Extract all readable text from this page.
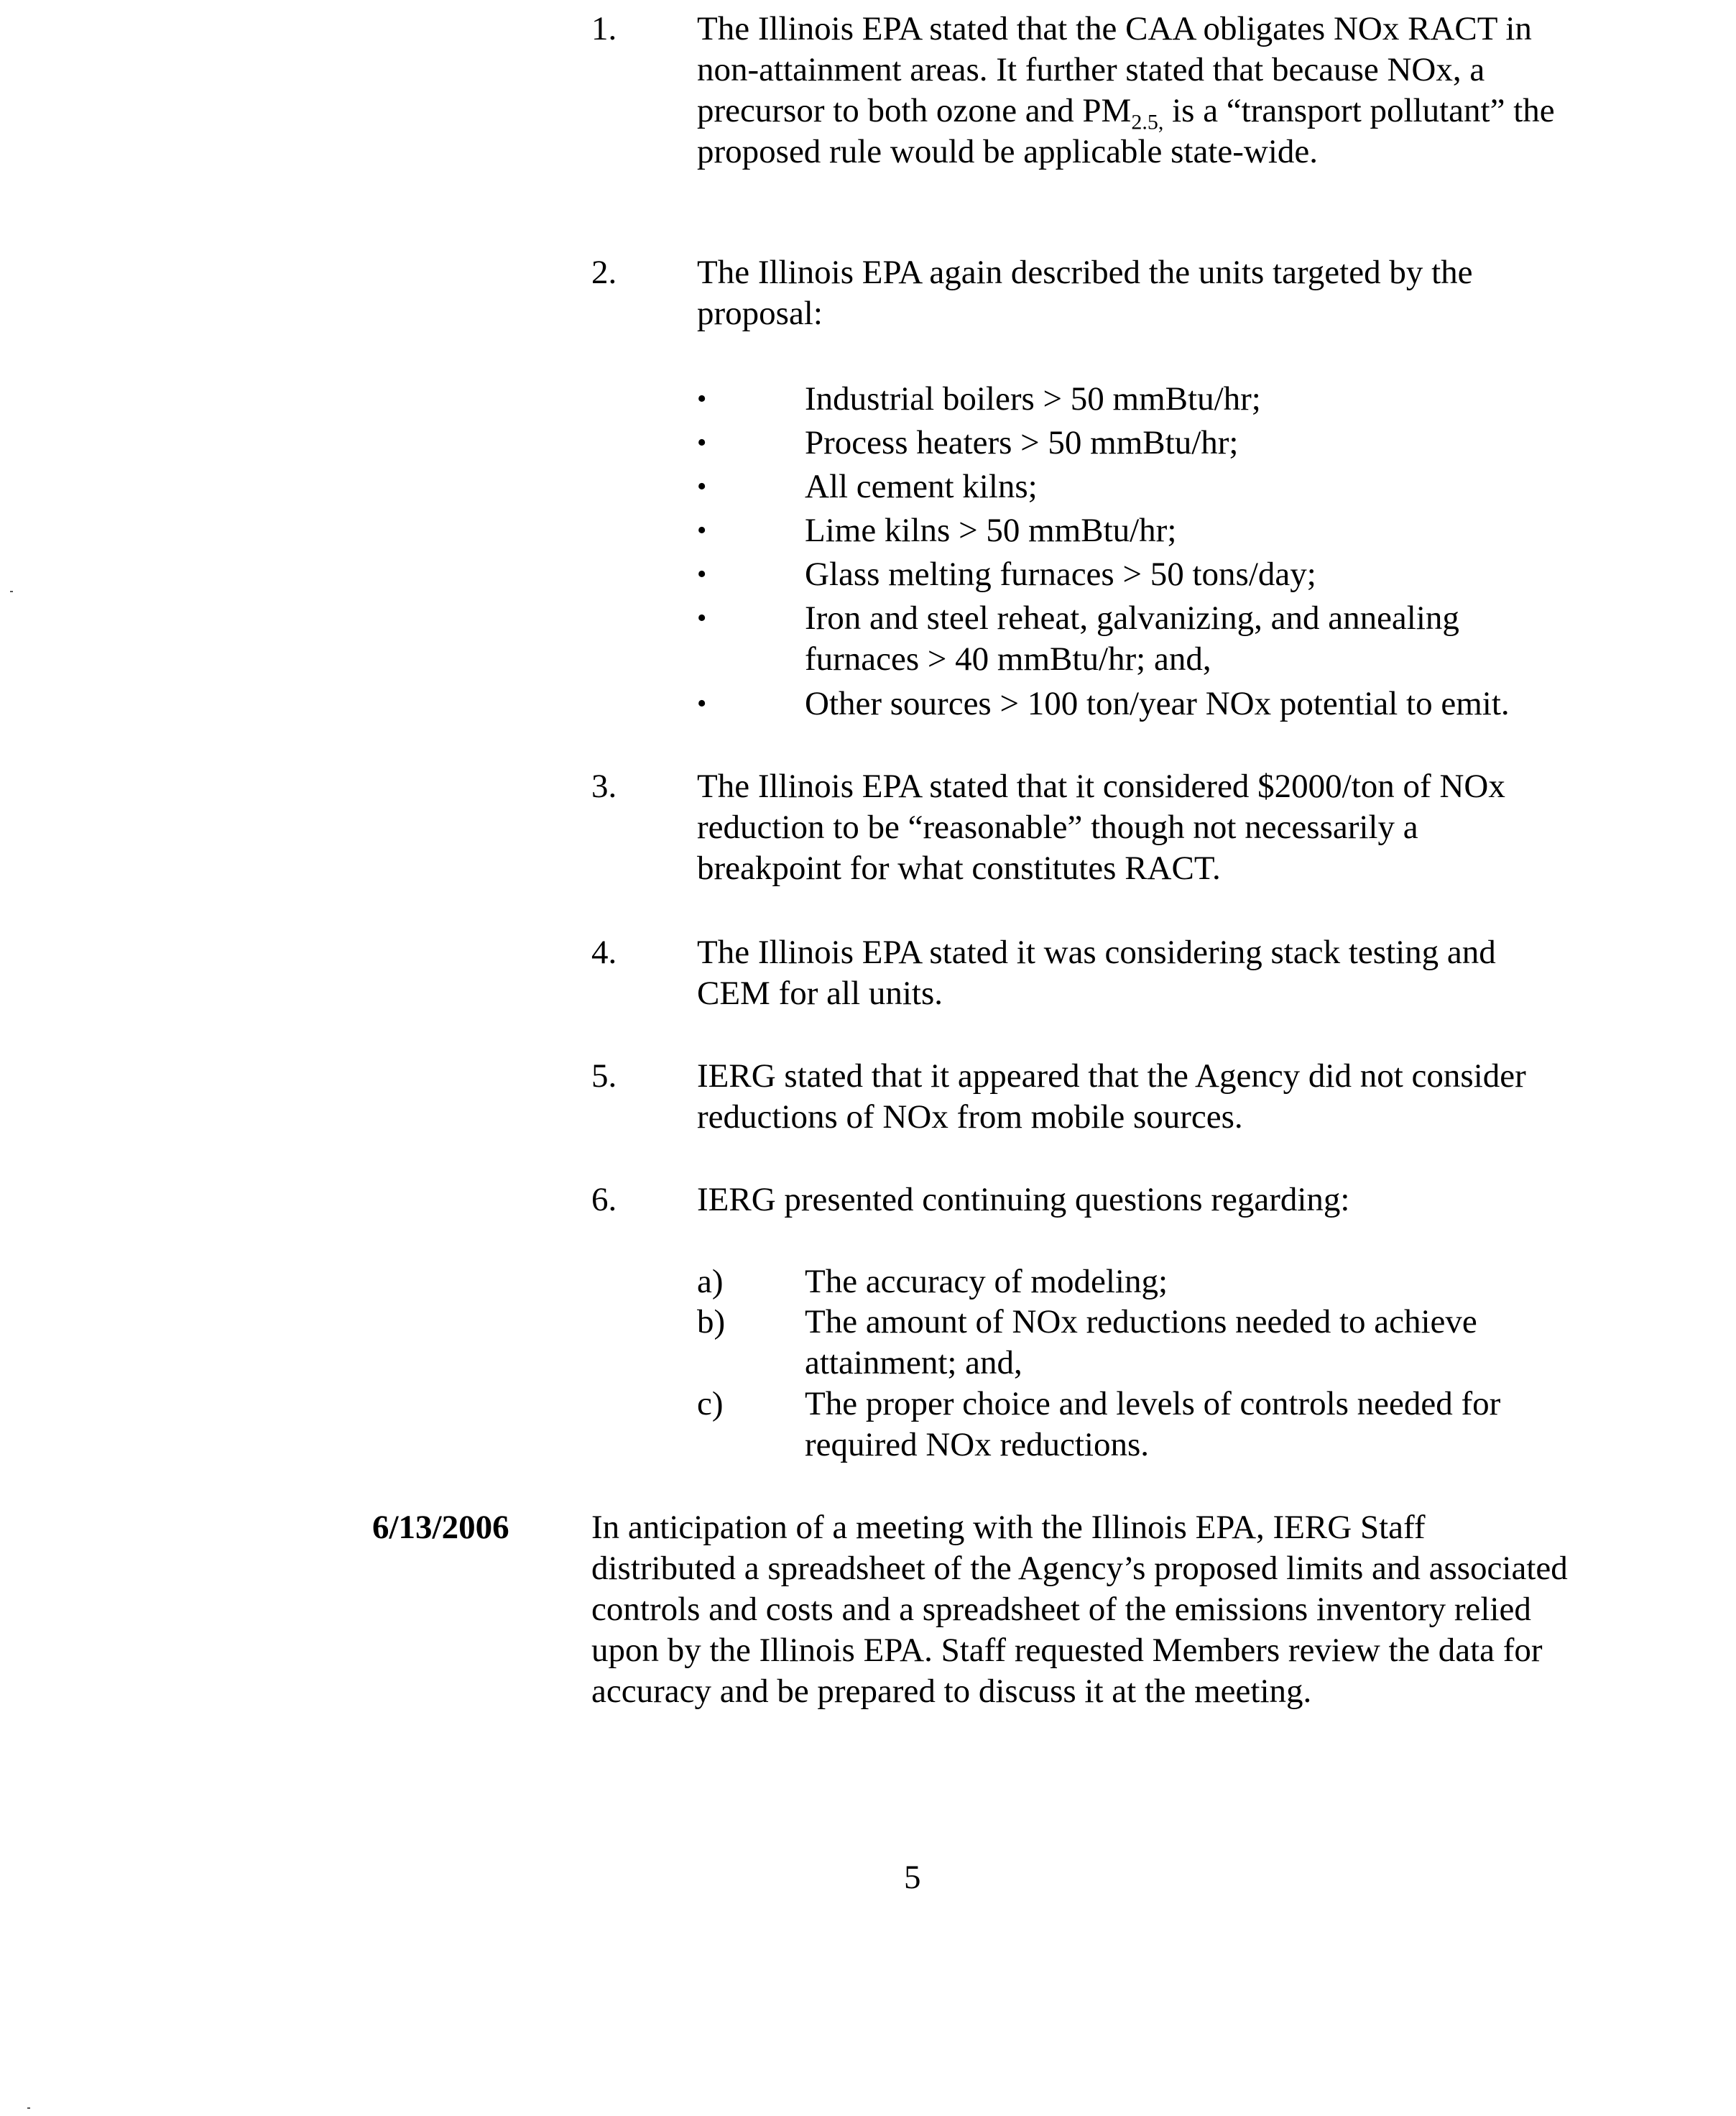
1. The Illinois EPA stated that the CAA obligates NOx RACT in non-attainment areas. It further stated that because NOx, a precursor to both ozone and $PM_{2.5,}$ is a “transport pollutant” the proposed rule would be applicable state-wide.
2. The Illinois EPA again described the units targeted by the proposal:
•	Industrial boilers > 50 mmBtu/hr;
•	Process heaters > 50 mmBtu/hr;
•	All cement kilns;
•	Lime kilns > 50 mmBtu/hr;
•	Glass melting furnaces > 50 tons/day;
•	Iron and steel reheat, galvanizing, and annealing furnaces > 40 mmBtu/hr; and,
•	Other sources > 100 ton/year NOx potential to emit.
3. The Illinois EPA stated that it considered $2000/ton of NOx reduction to be “reasonable” though not necessarily a breakpoint for what constitutes RACT.
4. The Illinois EPA stated it was considering stack testing and CEM for all units.
5. IERG stated that it appeared that the Agency did not consider reductions of NOx from mobile sources.
6. IERG presented continuing questions regarding:
a) The accuracy of modeling;
b) The amount of NOx reductions needed to achieve attainment; and,
c) The proper choice and levels of controls needed for required NOx reductions.
6/13/2006 In anticipation of a meeting with the Illinois EPA, IERG Staff distributed a spreadsheet of the Agency’s proposed limits and associated controls and costs and a spreadsheet of the emissions inventory relied upon by the Illinois EPA. Staff requested Members review the data for accuracy and be prepared to discuss it at the meeting.
5
